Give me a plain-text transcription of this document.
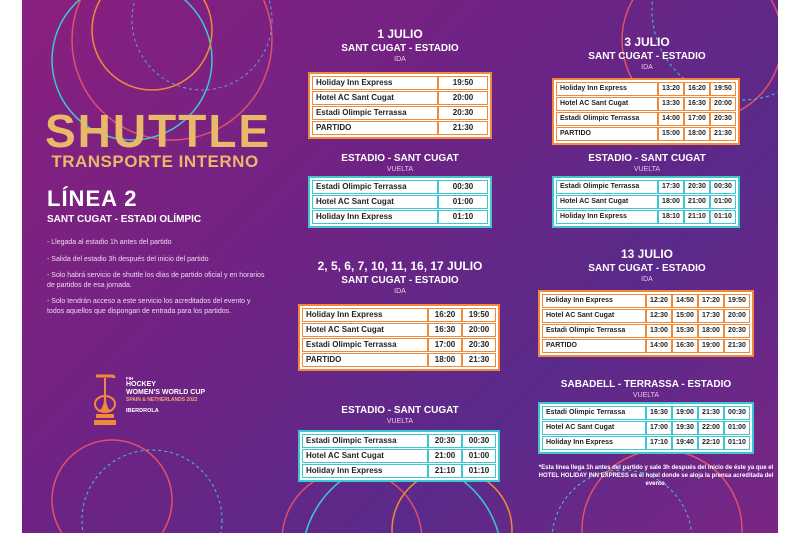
SHUTTLE
TRANSPORTE INTERNO
LÍNEA 2
SANT CUGAT - ESTADI OLÍMPIC
- Llegada al estadio 1h antes del partido
- Salida del estadio 3h después del inicio del partido
- Solo habrá servicio de shuttle los días de partido oficial y en horarios de partidos de esa jornada.
- Solo tendrán acceso a este servicio los acreditados del evento y todos aquellos que dispongan de entrada para los partidos.
FIH
HOCKEY
WOMEN'S WORLD CUP
SPAIN & NETHERLANDS 2022
IBERDROLA
1 JULIO
SANT CUGAT - ESTADIO
IDA
Holiday Inn Express	19:50
Hotel AC Sant Cugat	20:00
Estadi Olimpic Terrassa	20:30
PARTIDO	21:30
ESTADIO - SANT CUGAT
VUELTA
Estadi Olimpic Terrassa	00:30
Hotel AC Sant Cugat	01:00
Holiday Inn Express	01:10
2, 5, 6, 7, 10, 11, 16, 17 JULIO
SANT CUGAT - ESTADIO
IDA
Holiday Inn Express	16:20	19:50
Hotel AC Sant Cugat	16:30	20:00
Estadi Olimpic Terrassa	17:00	20:30
PARTIDO	18:00	21:30
ESTADIO - SANT CUGAT
VUELTA
Estadi Olimpic Terrassa	20:30	00:30
Hotel AC Sant Cugat	21:00	01:00
Holiday Inn Express	21:10	01:10
3 JULIO
SANT CUGAT - ESTADIO
IDA
Holiday Inn Express	13:20	16:20	19:50
Hotel AC Sant Cugat	13:30	16:30	20:00
Estadi Olimpic Terrassa	14:00	17:00	20:30
PARTIDO	15:00	18:00	21:30
ESTADIO - SANT CUGAT
VUELTA
Estadi Olimpic Terrassa	17:30	20:30	00:30
Hotel AC Sant Cugat	18:00	21:00	01:00
Holiday Inn Express	18:10	21:10	01:10
13 JULIO
SANT CUGAT - ESTADIO
IDA
Holiday Inn Express	12:20	14:50	17:20	19:50
Hotel AC Sant Cugat	12:30	15:00	17:30	20:00
Estadi Olimpic Terrassa	13:00	15:30	18:00	20:30
PARTIDO	14:00	16:30	19:00	21:30
SABADELL - TERRASSA - ESTADIO
VUELTA
Estadi Olimpic Terrassa	16:30	19:00	21:30	00:30
Hotel AC Sant Cugat	17:00	19:30	22:00	01:00
Holiday Inn Express	17:10	19:40	22:10	01:10
*Esta línea llega 1h antes del partido y sale 3h después del inicio de éste ya que el HOTEL HOLIDAY INN EXPRESS es el hotel donde se aloja la prensa acreditada del evento.
